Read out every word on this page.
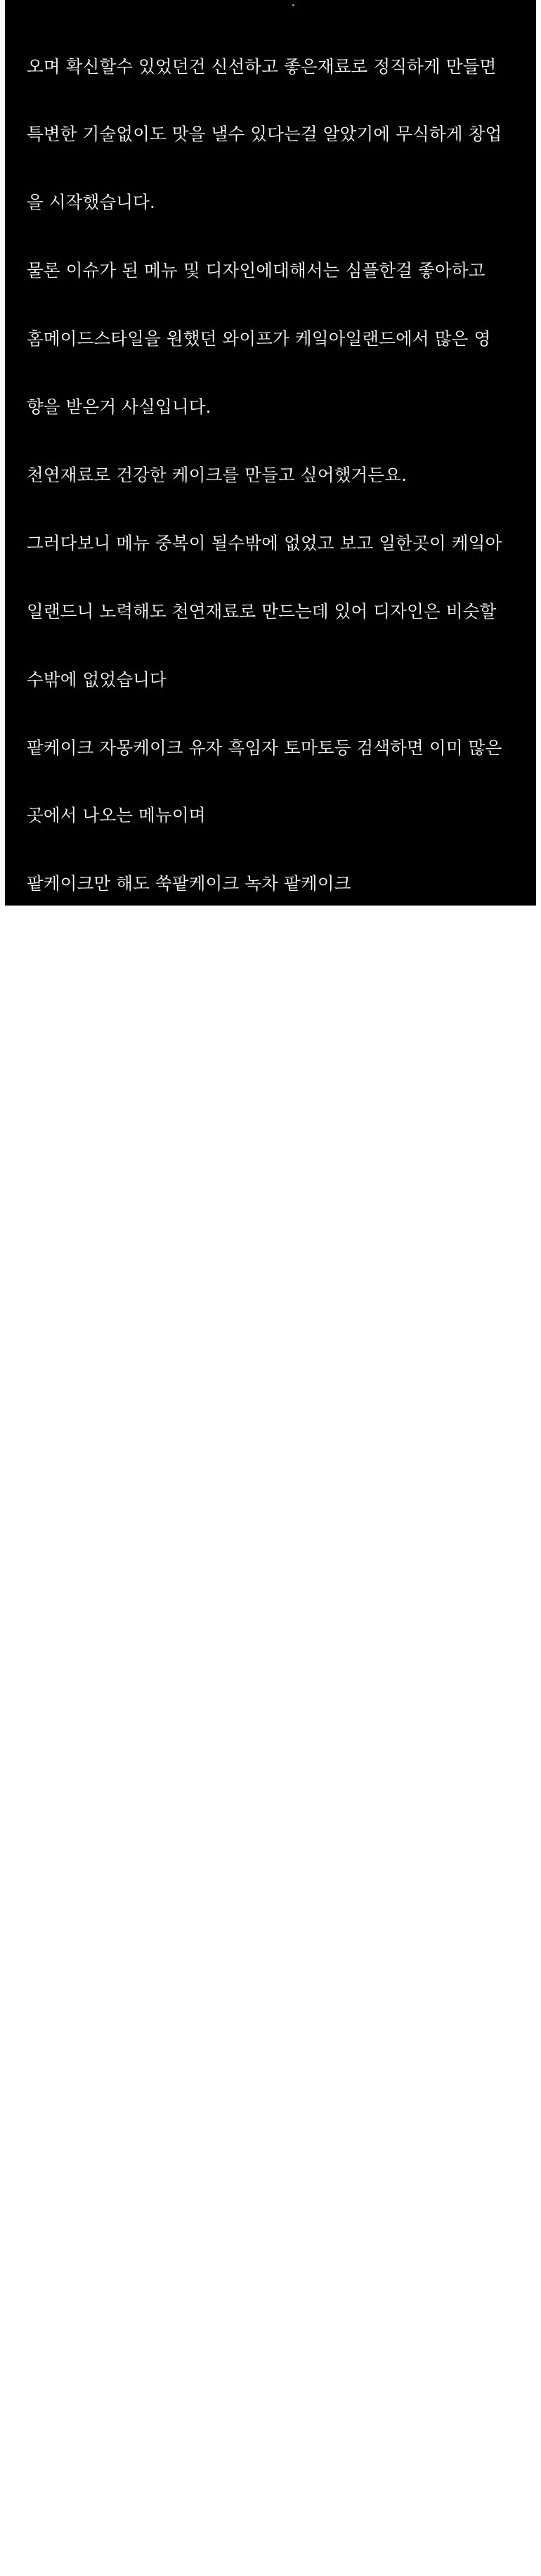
오며 확신할수 있었던건 신선하고 좋은재료로 정직하게 만들면

특변한 기술없이도 맛을 낼수 있다는걸 알았기에 무식하게 창업

을 시작했습니다.

물론 이슈가 된 메뉴 및 디자인에대해서는 심플한걸 좋아하고

홈메이드스타일을 원했던 와이프가 케잌아일랜드에서 많은 영

향을 받은거 사실입니다.

천연재료로 건강한 케이크를 만들고 싶어했거든요.

그러다보니 메뉴 중복이 될수밖에 없었고 보고 일한곳이 케잌아

일랜드니 노력해도 천연재료로 만드는데 있어 디자인은 비슷할

수밖에 없었습니다

팥케이크 자몽케이크 유자 흑임자 토마토등 검색하면 이미 많은

곳에서 나오는 메뉴이며

팥케이크만 해도 쑥팥케이크 녹차 팥케이크

토마토라임 등등

당근케이크는 검색만 해보셔도 거기서 거기인거 아실껍니다.

가장 중요한게 메뉴 구성인데 인정합니다.

창업초기 케잌아일랜드에서 판매중인 메뉴 구성으로 시작했던

거

하지만 저희가 자신있는 신메뉴 만들고 맛과 디자인도

계속해서 연구하며 바꾸려고 계속 노력해왔습니다

맛은 엄마라면 다들원하는 달지않은 맛 그냥 그렇게 만든 겁니

다.

슬로건이여. 저희도 아이를 키우고 있습니다.

연습하는 동안 저와 아이들은 엄청난 케이크를 먹어왔지요.

저희 상호 마망케이크 뜻처럼 엄마가 만들기에 그렇게 쓴겁니

다.

접시나 식물들 말씀하시는데 원래 창업할때 잘되는가게 가서 먹

어보고 인테리어 보고 하지않으시나요?

좋은것만 담고 싶은 마음 모든 자영업자분들 생각하실꺼 같은데

너무 똑같아서 그런 말씀 하시는 건가요?

근무 전부터 접시와 잔에 관심 많았던 와이프였고 당근마켓에

관심은 늘 접시브랜드와 빈티지 그릇들 입니다 같은 브랜드 접

시도 이미 소장하고 있었으며 접시브랜드에 대해 사장님과 자주

소통해왔다는 말 많이 했었습니다

케잌아일랜드에서 근무하는 동안 사장님께 아주소소한 디자인

적인 부분, 케잌맛에 대한 조언도 조심스럽게 드렸었다구하구

요.
